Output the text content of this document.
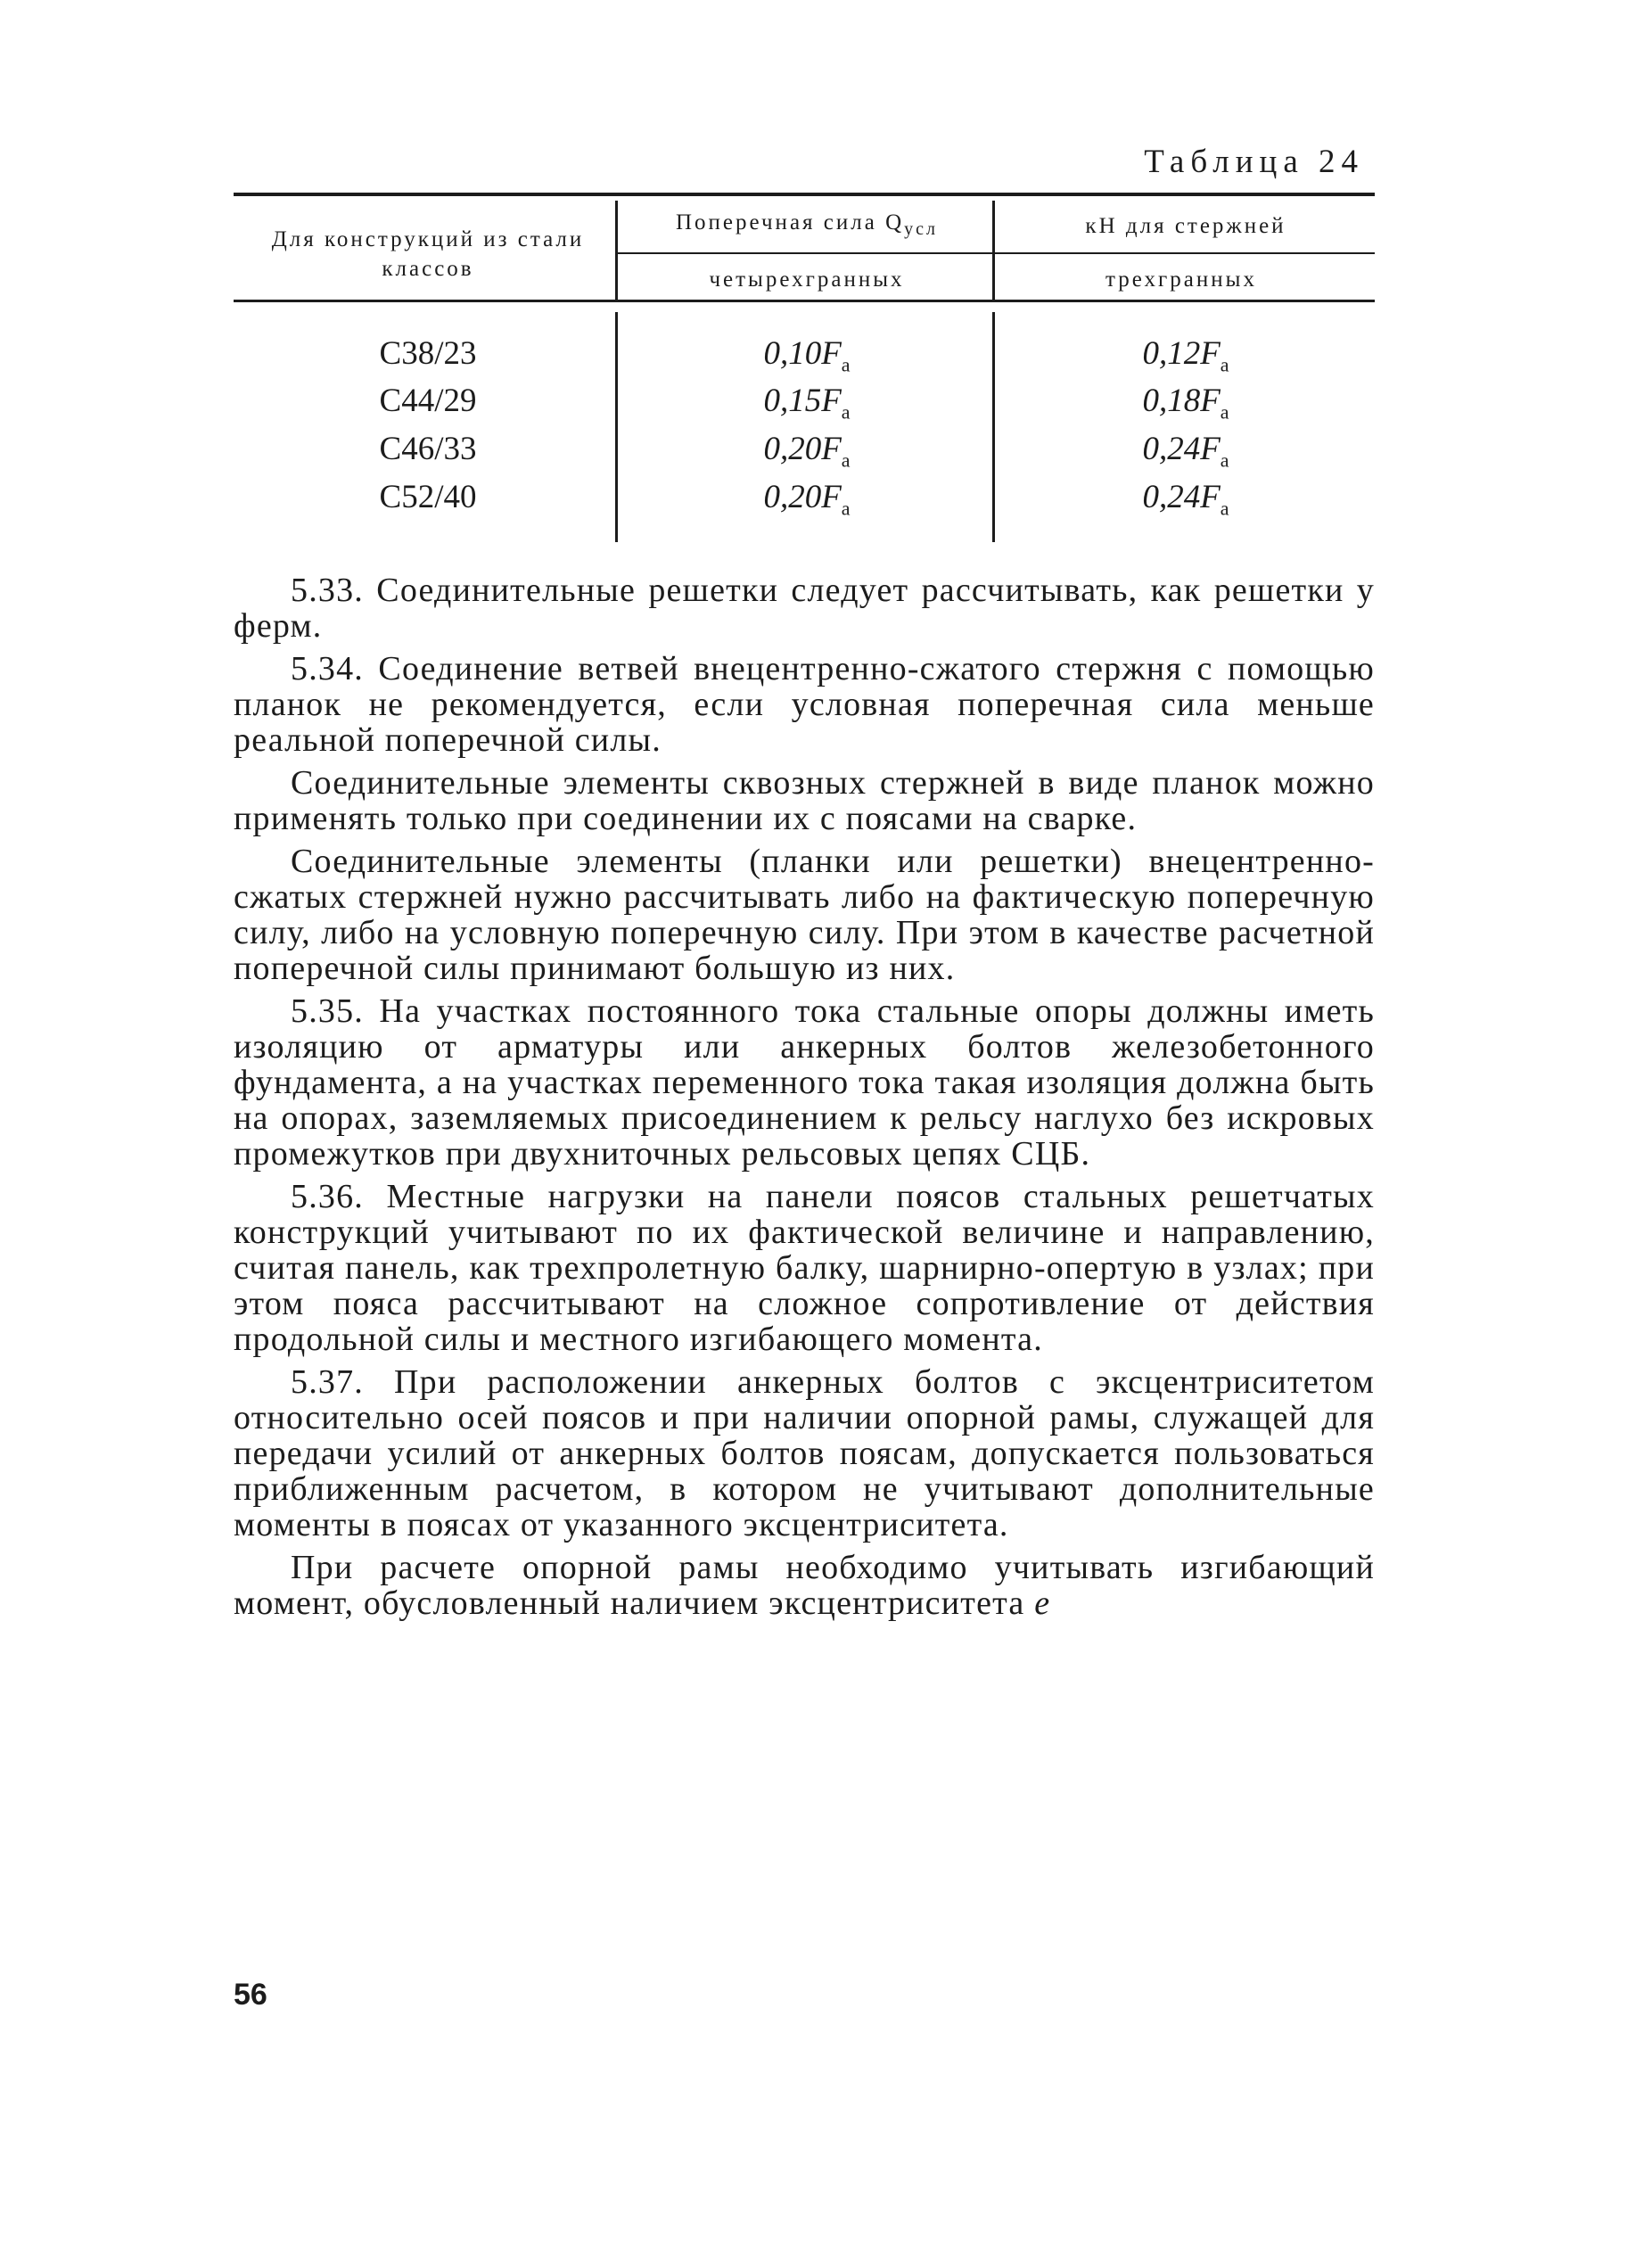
Таблица 24
Для конструкций из стали классов
Поперечная сила $Q_{усл}$	кН для стержней
четырехгранных	трехгранных
С38/23	$0,10F_а$	$0,12F_а$
С44/29	$0,15F_а$	$0,18F_а$
С46/33	$0,20F_а$	$0,24F_а$
С52/40	$0,20F_а$	$0,24F_а$

5.33. Соединительные решетки следует рассчитывать, как решетки у ферм.

5.34. Соединение ветвей внецентренно-сжатого стержня с помощью планок не рекомендуется, если условная поперечная сила меньше реальной поперечной силы.

Соединительные элементы сквозных стержней в виде планок можно применять только при соединении их с поясами на сварке.

Соединительные элементы (планки или решетки) внецентренно-сжатых стержней нужно рассчитывать либо на фактическую поперечную силу, либо на условную поперечную силу. При этом в качестве расчетной поперечной силы принимают большую из них.

5.35. На участках постоянного тока стальные опоры должны иметь изоляцию от арматуры или анкерных болтов железобетонного фундамента, а на участках переменного тока такая изоляция должна быть на опорах, заземляемых присоединением к рельсу наглухо без искровых промежутков при двухниточных рельсовых цепях СЦБ.

5.36. Местные нагрузки на панели поясов стальных решетчатых конструкций учитывают по их фактической величине и направлению, считая панель, как трехпролетную балку, шарнирно-опертую в узлах; при этом пояса рассчитывают на сложное сопротивление от действия продольной силы и местного изгибающего момента.

5.37. При расположении анкерных болтов с эксцентриситетом относительно осей поясов и при наличии опорной рамы, служащей для передачи усилий от анкерных болтов поясам, допускается пользоваться приближенным расчетом, в котором не учитывают дополнительные моменты в поясах от указанного эксцентриситета.

При расчете опорной рамы необходимо учитывать изгибающий момент, обусловленный наличием эксцентриситета e

56
